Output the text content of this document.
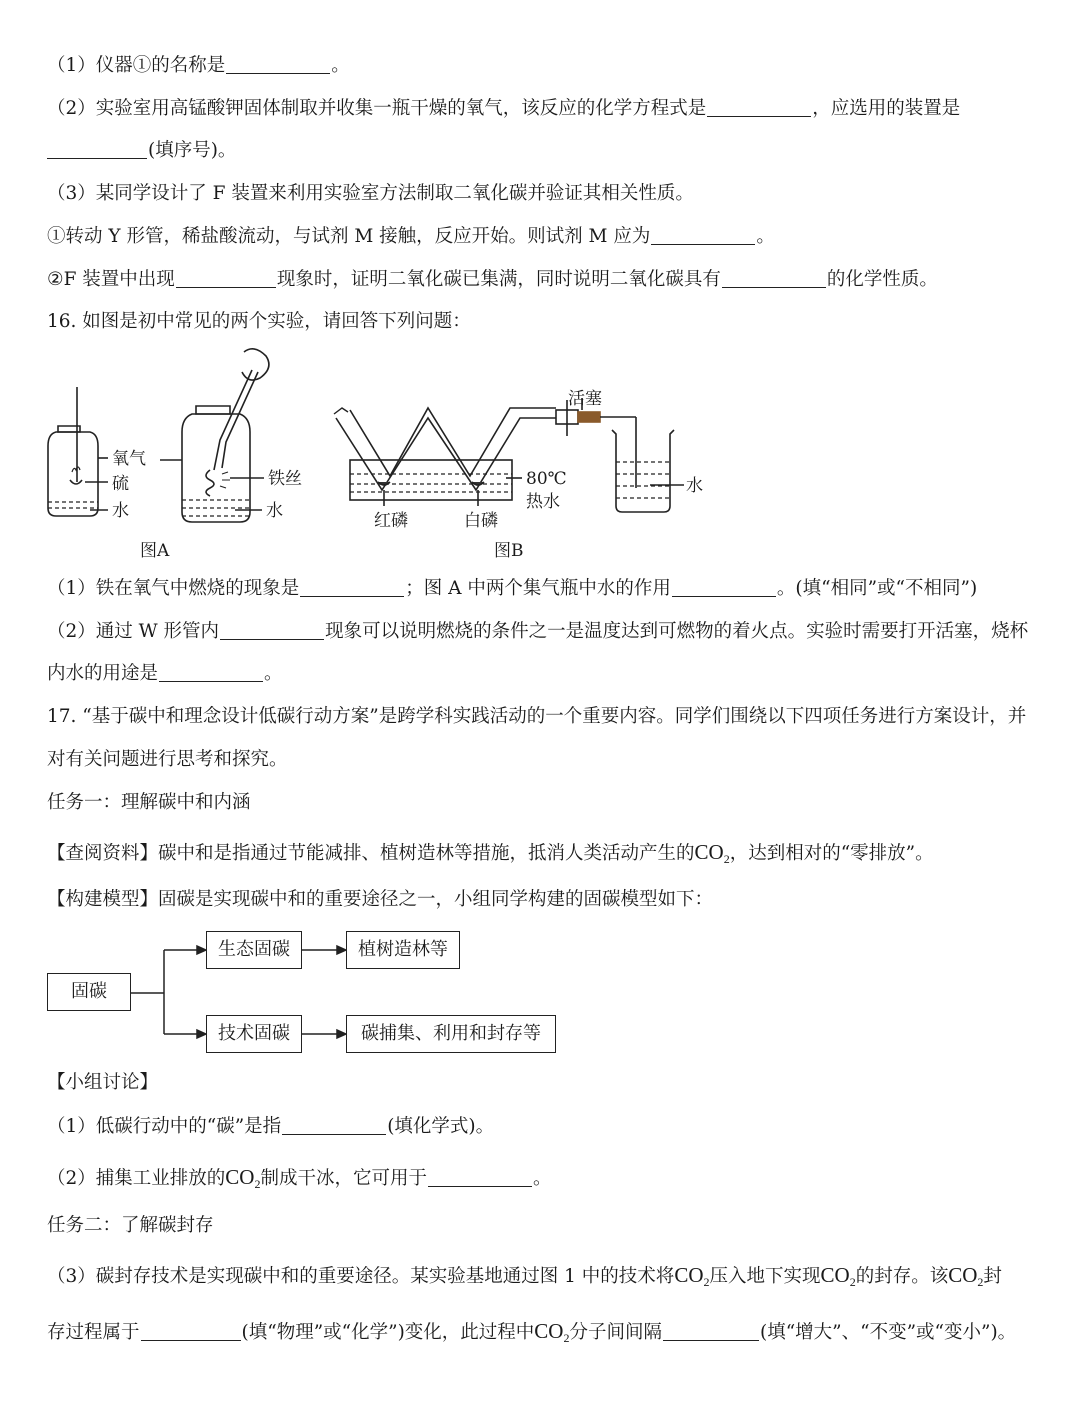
（1）仪器①的名称是	。
（2）实验室用高锰酸钾固体制取并收集一瓶干燥的氧气，该反应的化学方程式是	，应选用的装置是
(填序号)。
（3）某同学设计了 F 装置来利用实验室方法制取二氧化碳并验证其相关性质。
①转动 Y 形管，稀盐酸流动，与试剂 M 接触，反应开始。则试剂 M 应为	。
②F 装置中出现	现象时，证明二氧化碳已集满，同时说明二氧化碳具有	的化学性质。
16. 如图是初中常见的两个实验，请回答下列问题：
氧气
硫
水
铁丝
水
图A
活塞
80℃
热水
红磷	白磷
水
图B
（1）铁在氧气中燃烧的现象是	；图 A 中两个集气瓶中水的作用	。(填“相同”或“不相同”)
（2）通过 W 形管内	现象可以说明燃烧的条件之一是温度达到可燃物的着火点。实验时需要打开活塞，烧杯
内水的用途是	。
17. “基于碳中和理念设计低碳行动方案”是跨学科实践活动的一个重要内容。同学们围绕以下四项任务进行方案设计，并
对有关问题进行思考和探究。
任务一：理解碳中和内涵
【查阅资料】碳中和是指通过节能减排、植树造林等措施，抵消人类活动产生的$CO_2$，达到相对的“零排放”。
【构建模型】固碳是实现碳中和的重要途径之一，小组同学构建的固碳模型如下：
固碳
生态固碳	植树造林等
技术固碳	碳捕集、利用和封存等
【小组讨论】
（1）低碳行动中的“碳”是指	(填化学式)。
（2）捕集工业排放的$CO_2$制成干冰，它可用于	。
任务二：了解碳封存
（3）碳封存技术是实现碳中和的重要途径。某实验基地通过图 1 中的技术将$CO_2$压入地下实现$CO_2$的封存。该$CO_2$封
存过程属于	(填“物理”或“化学”)变化，此过程中$CO_2$分子间间隔	(填“增大”、“不变”或“变小”)。
